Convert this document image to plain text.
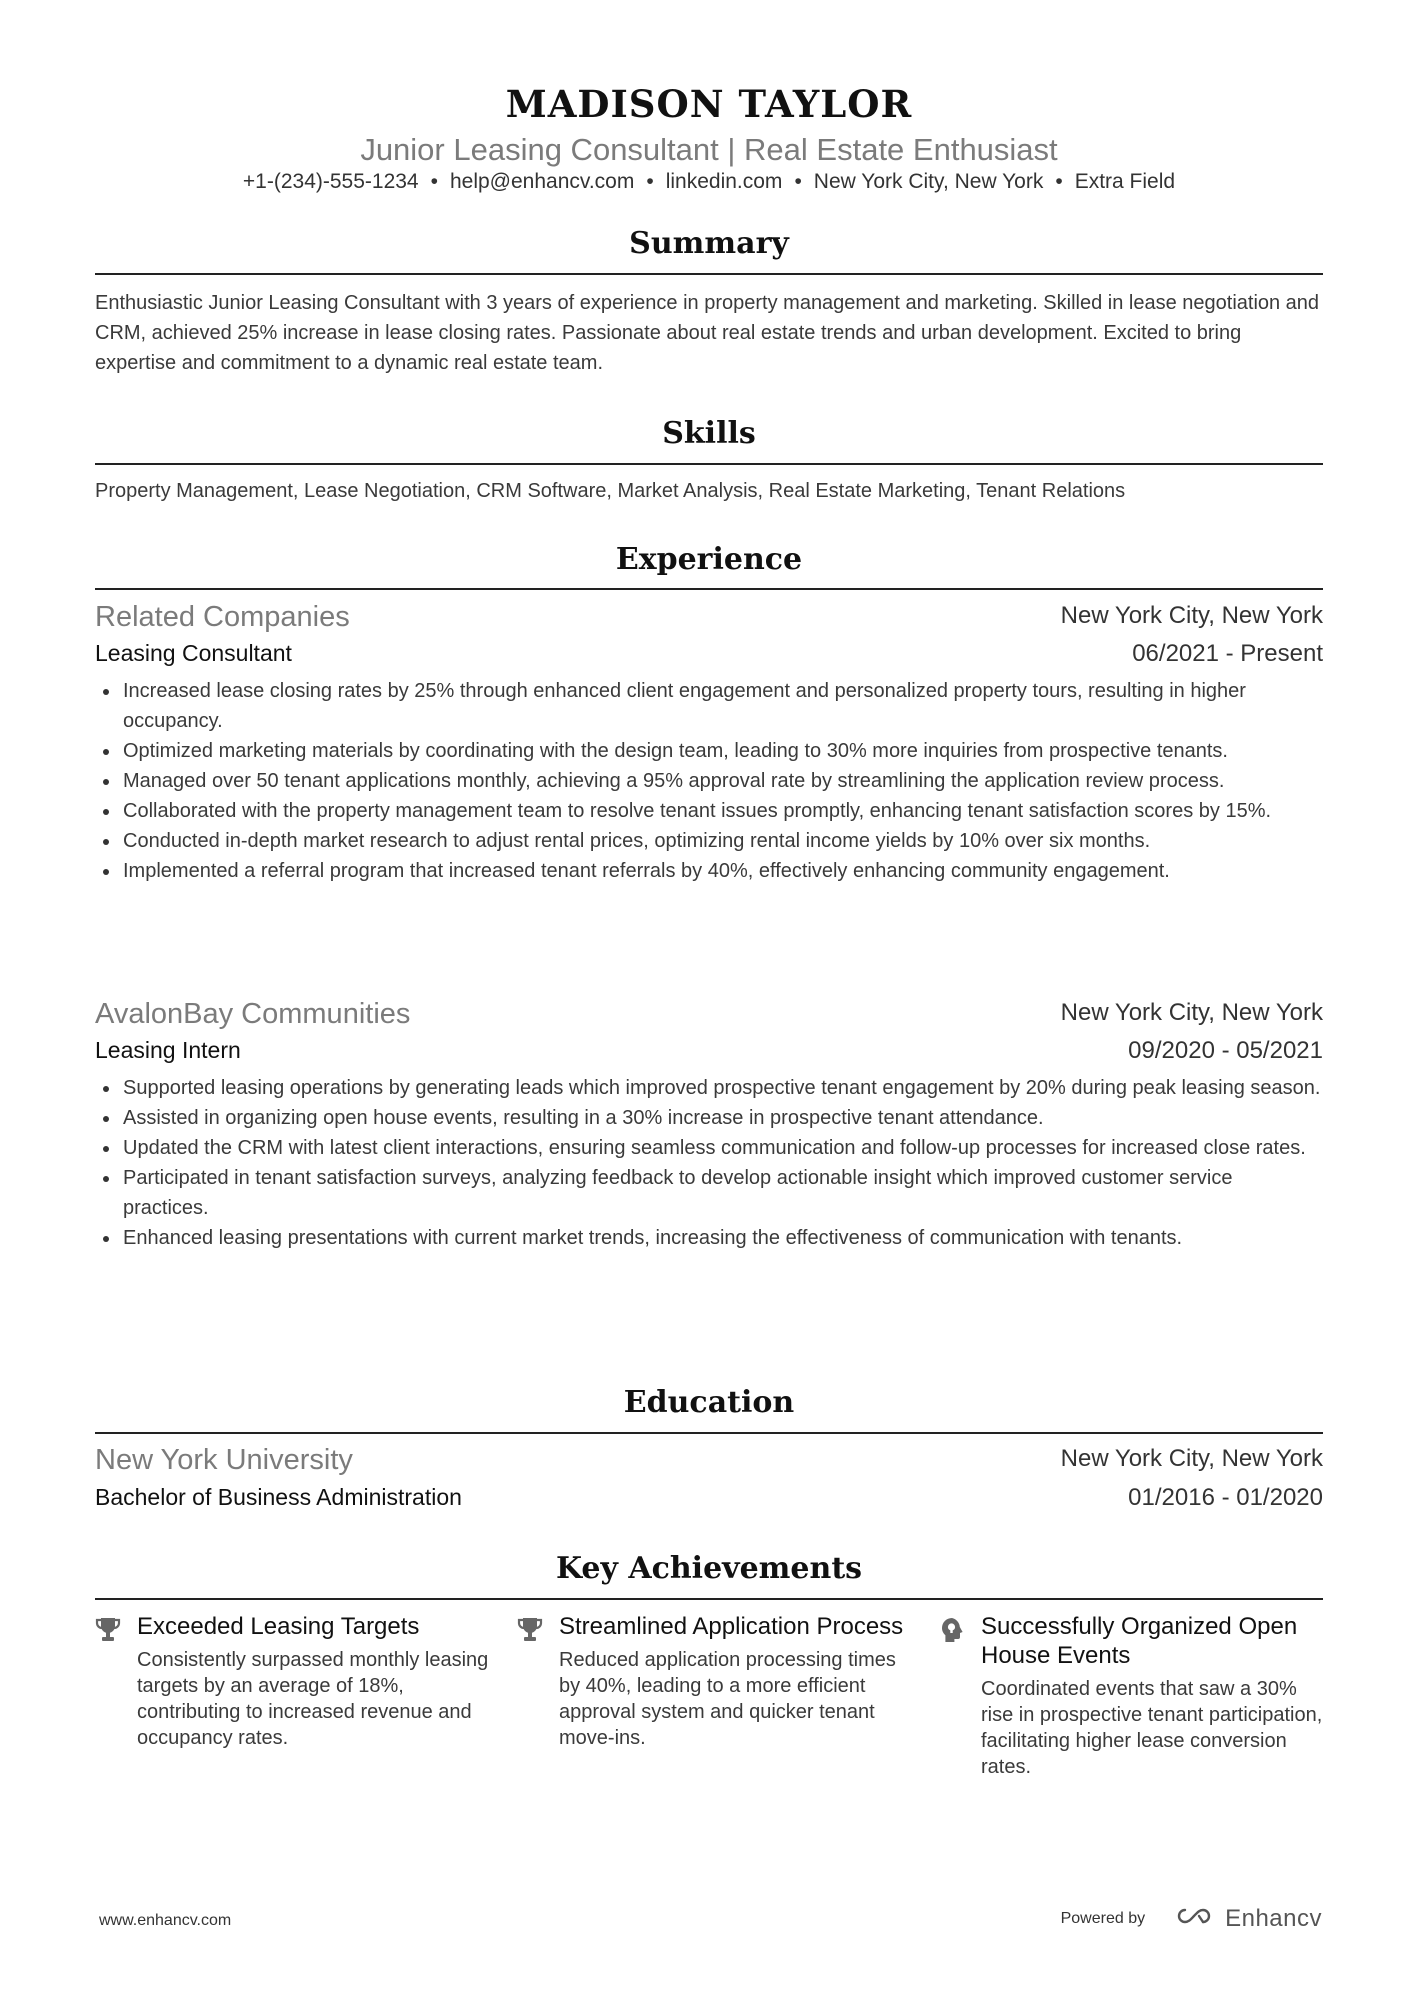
MADISON TAYLOR
Junior Leasing Consultant | Real Estate Enthusiast
+1-(234)-555-1234 • help@enhancv.com • linkedin.com • New York City, New York • Extra Field
Summary
Enthusiastic Junior Leasing Consultant with 3 years of experience in property management and marketing. Skilled in lease negotiation and CRM, achieved 25% increase in lease closing rates. Passionate about real estate trends and urban development. Excited to bring expertise and commitment to a dynamic real estate team.
Skills
Property Management, Lease Negotiation, CRM Software, Market Analysis, Real Estate Marketing, Tenant Relations
Experience
Related Companies	New York City, New York
Leasing Consultant	06/2021 - Present
Increased lease closing rates by 25% through enhanced client engagement and personalized property tours, resulting in higher occupancy.
Optimized marketing materials by coordinating with the design team, leading to 30% more inquiries from prospective tenants.
Managed over 50 tenant applications monthly, achieving a 95% approval rate by streamlining the application review process.
Collaborated with the property management team to resolve tenant issues promptly, enhancing tenant satisfaction scores by 15%.
Conducted in-depth market research to adjust rental prices, optimizing rental income yields by 10% over six months.
Implemented a referral program that increased tenant referrals by 40%, effectively enhancing community engagement.
AvalonBay Communities	New York City, New York
Leasing Intern	09/2020 - 05/2021
Supported leasing operations by generating leads which improved prospective tenant engagement by 20% during peak leasing season.
Assisted in organizing open house events, resulting in a 30% increase in prospective tenant attendance.
Updated the CRM with latest client interactions, ensuring seamless communication and follow-up processes for increased close rates.
Participated in tenant satisfaction surveys, analyzing feedback to develop actionable insight which improved customer service practices.
Enhanced leasing presentations with current market trends, increasing the effectiveness of communication with tenants.
Education
New York University	New York City, New York
Bachelor of Business Administration	01/2016 - 01/2020
Key Achievements
Exceeded Leasing Targets
Consistently surpassed monthly leasing targets by an average of 18%, contributing to increased revenue and occupancy rates.
Streamlined Application Process
Reduced application processing times by 40%, leading to a more efficient approval system and quicker tenant move-ins.
Successfully Organized Open House Events
Coordinated events that saw a 30% rise in prospective tenant participation, facilitating higher lease conversion rates.
www.enhancv.com	Powered by	Enhancv
